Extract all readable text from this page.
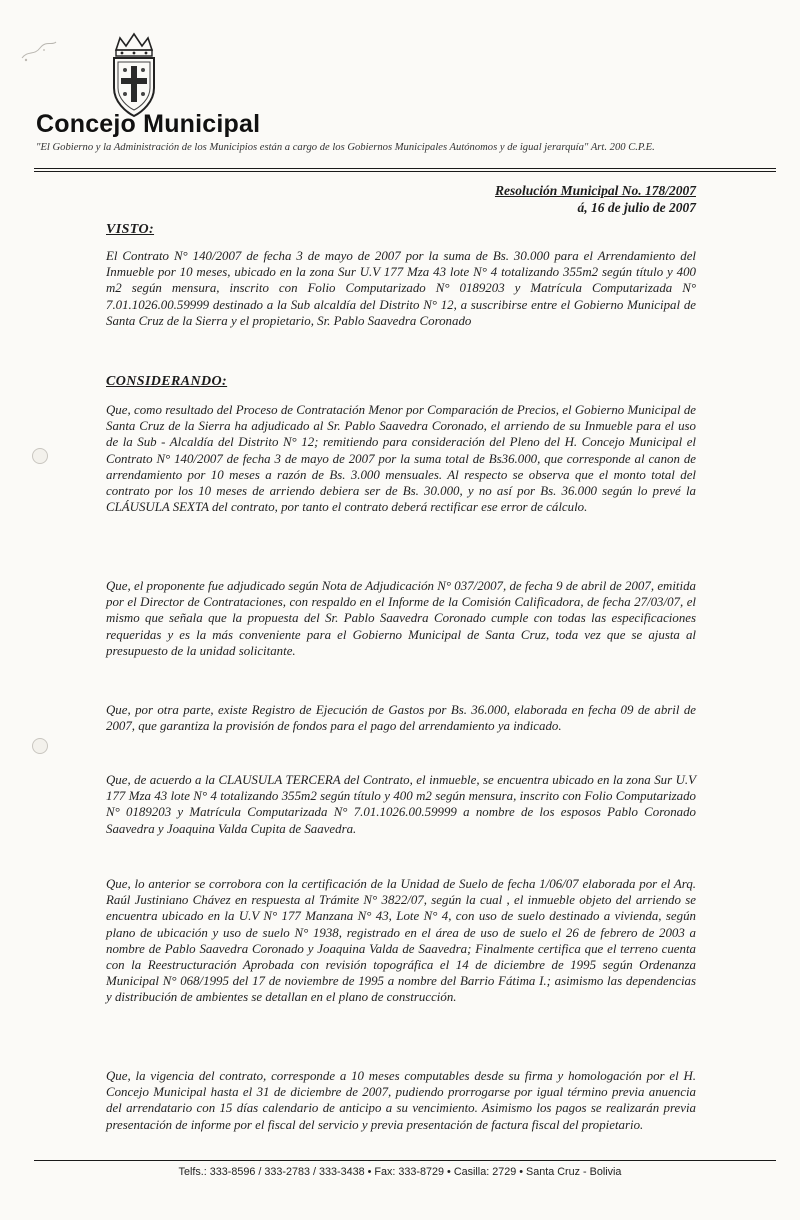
Concejo Municipal
"El Gobierno y la Administración de los Municipios están a cargo de los Gobiernos Municipales Autónomos y de igual jerarquía" Art. 200 C.P.E.
Resolución Municipal No. 178/2007
á, 16 de julio de 2007
VISTO:
El Contrato N° 140/2007 de fecha 3 de mayo de 2007 por la suma de Bs. 30.000 para el Arrendamiento del Inmueble por 10 meses, ubicado en la zona Sur U.V 177 Mza 43 lote N° 4 totalizando 355m2 según título y 400 m2 según mensura, inscrito con Folio Computarizado N° 0189203 y Matrícula Computarizada N° 7.01.1026.00.59999 destinado a la Sub alcaldía del Distrito N° 12, a suscribirse entre el Gobierno Municipal de Santa Cruz de la Sierra y el propietario, Sr. Pablo Saavedra Coronado
CONSIDERANDO:
Que, como resultado del Proceso de Contratación Menor por Comparación de Precios, el Gobierno Municipal de Santa Cruz de la Sierra ha adjudicado al Sr. Pablo Saavedra Coronado, el arriendo de su Inmueble para el uso de la Sub - Alcaldía del Distrito N° 12; remitiendo para consideración del Pleno del H. Concejo Municipal el Contrato N° 140/2007 de fecha 3 de mayo de 2007 por la suma total de Bs36.000, que corresponde al canon de arrendamiento por 10 meses a razón de Bs. 3.000 mensuales. Al respecto se observa que el monto total del contrato por los 10 meses de arriendo debiera ser de Bs. 30.000, y no así por Bs. 36.000 según lo prevé la CLÁUSULA SEXTA del contrato, por tanto el contrato deberá rectificar ese error de cálculo.
Que, el proponente fue adjudicado según Nota de Adjudicación N° 037/2007, de fecha 9 de abril de 2007, emitida por el Director de Contrataciones, con respaldo en el Informe de la Comisión Calificadora, de fecha 27/03/07, el mismo que señala que la propuesta del Sr. Pablo Saavedra Coronado cumple con todas las especificaciones requeridas y es la más conveniente para el Gobierno Municipal de Santa Cruz, toda vez que se ajusta al presupuesto de la unidad solicitante.
Que, por otra parte, existe Registro de Ejecución de Gastos por Bs. 36.000, elaborada en fecha 09 de abril de 2007, que garantiza la provisión de fondos para el pago del arrendamiento ya indicado.
Que, de acuerdo a la CLAUSULA TERCERA del Contrato, el inmueble, se encuentra ubicado en la zona Sur U.V 177 Mza 43 lote N° 4 totalizando 355m2 según título y 400 m2 según mensura, inscrito con Folio Computarizado N° 0189203 y Matrícula Computarizada N° 7.01.1026.00.59999 a nombre de los esposos Pablo Coronado Saavedra y Joaquina Valda Cupita de Saavedra.
Que, lo anterior se corrobora con la certificación de la Unidad de Suelo de fecha 1/06/07 elaborada por el Arq. Raúl Justiniano Chávez en respuesta al Trámite N° 3822/07, según la cual , el inmueble objeto del arriendo se encuentra ubicado en la U.V N° 177 Manzana N° 43, Lote N° 4, con uso de suelo destinado a vivienda, según plano de ubicación y uso de suelo N° 1938, registrado en el área de uso de suelo el 26 de febrero de 2003 a nombre de Pablo Saavedra Coronado y Joaquina Valda de Saavedra; Finalmente certifica que el terreno cuenta con la Reestructuración Aprobada con revisión topográfica el 14 de diciembre de 1995 según Ordenanza Municipal N° 068/1995 del 17 de noviembre de 1995 a nombre del Barrio Fátima I.; asimismo las dependencias y distribución de ambientes se detallan en el plano de construcción.
Que, la vigencia del contrato, corresponde a 10 meses computables desde su firma y homologación por el H. Concejo Municipal hasta el 31 de diciembre de 2007, pudiendo prorrogarse por igual término previa anuencia del arrendatario con 15 días calendario de anticipo a su vencimiento. Asimismo los pagos se realizarán previa presentación de informe por el fiscal del servicio y previa presentación de factura fiscal del propietario.
Telfs.: 333-8596 / 333-2783 / 333-3438 • Fax: 333-8729 • Casilla: 2729 • Santa Cruz - Bolivia
